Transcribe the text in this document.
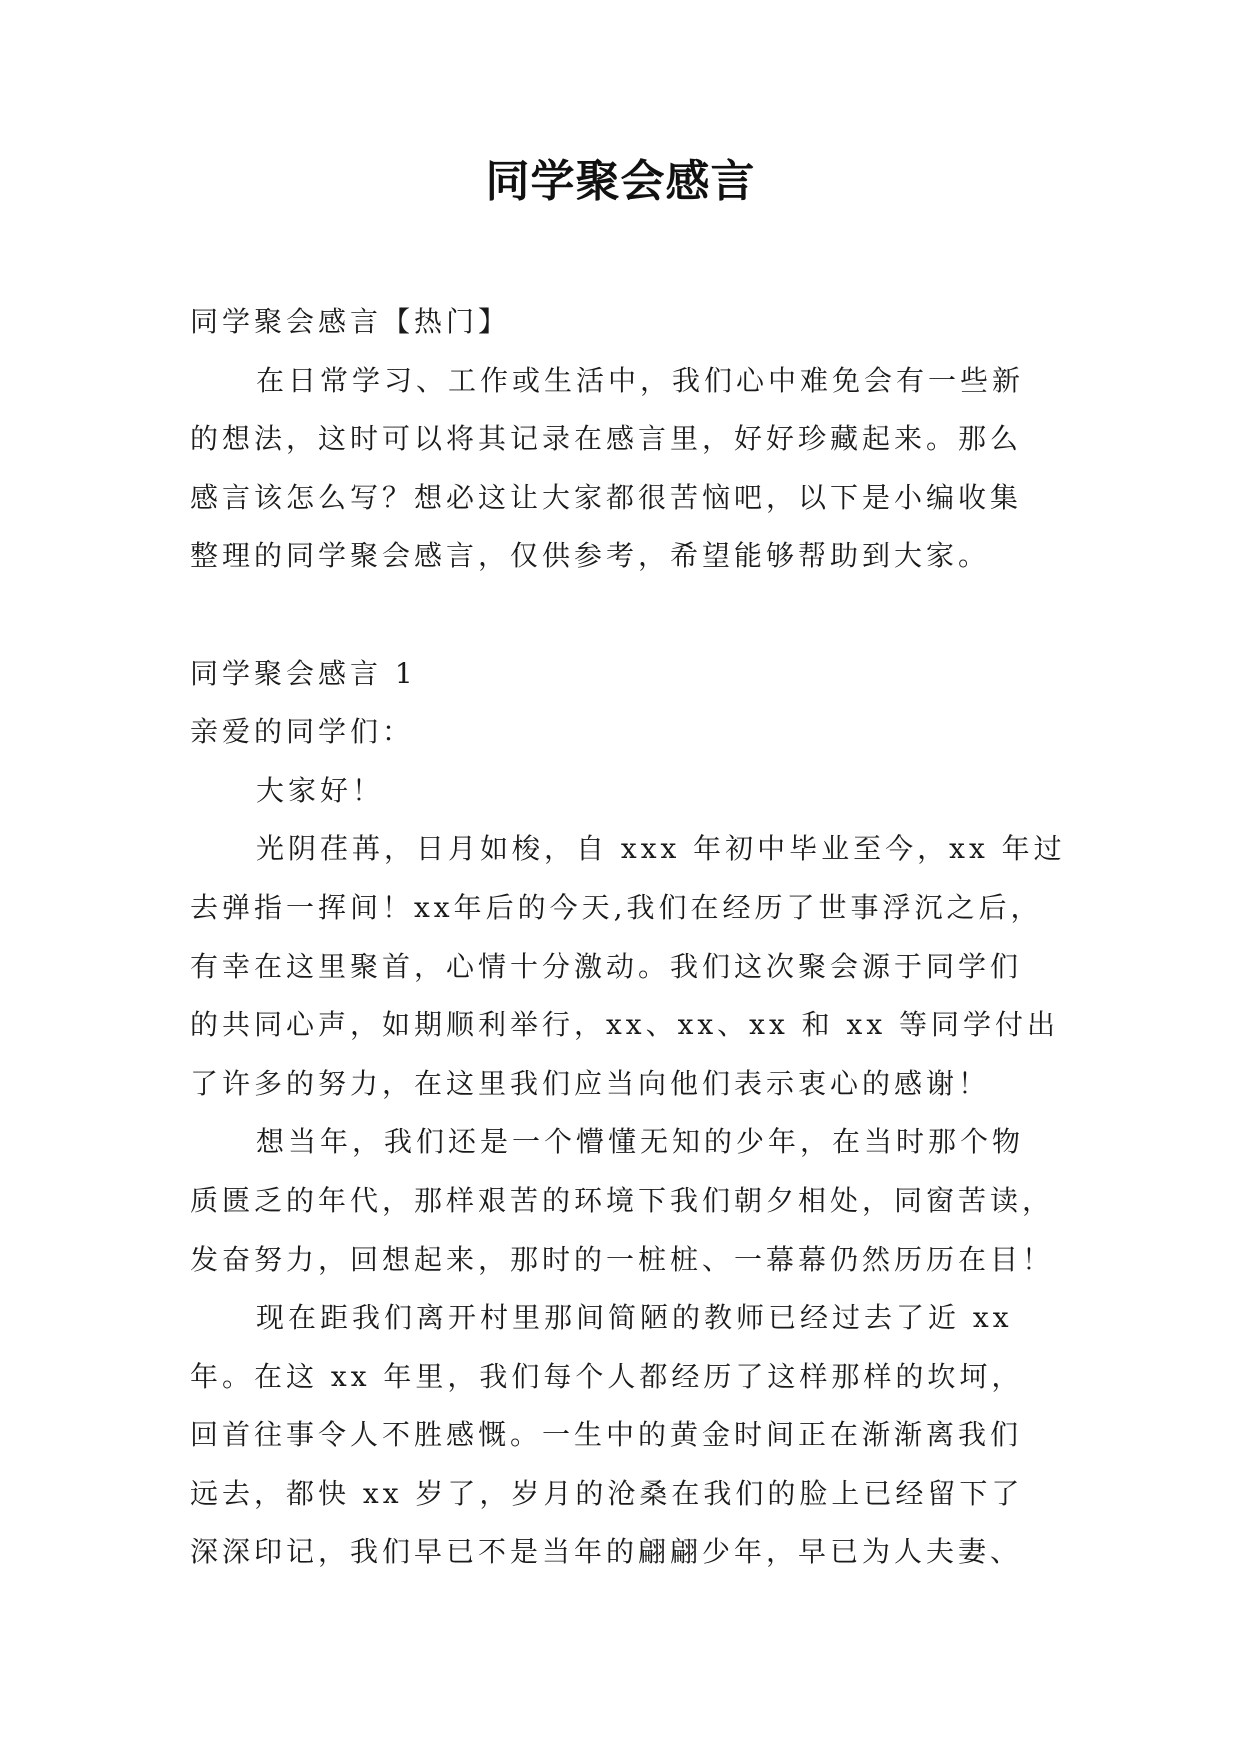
同学聚会感言
同学聚会感言【热门】
在日常学习、工作或生活中，我们心中难免会有一些新
的想法，这时可以将其记录在感言里，好好珍藏起来。那么
感言该怎么写？想必这让大家都很苦恼吧，以下是小编收集
整理的同学聚会感言，仅供参考，希望能够帮助到大家。
同学聚会感言 1
亲爱的同学们：
大家好！
光阴荏苒，日月如梭，自 xxx 年初中毕业至今，xx 年过
去弹指一挥间！xx年后的今天,我们在经历了世事浮沉之后，
有幸在这里聚首，心情十分激动。我们这次聚会源于同学们
的共同心声，如期顺利举行，xx、xx、xx 和 xx 等同学付出
了许多的努力，在这里我们应当向他们表示衷心的感谢！
想当年，我们还是一个懵懂无知的少年，在当时那个物
质匮乏的年代，那样艰苦的环境下我们朝夕相处，同窗苦读，
发奋努力，回想起来，那时的一桩桩、一幕幕仍然历历在目！
现在距我们离开村里那间简陋的教师已经过去了近 xx
年。在这 xx 年里，我们每个人都经历了这样那样的坎坷，
回首往事令人不胜感慨。一生中的黄金时间正在渐渐离我们
远去，都快 xx 岁了，岁月的沧桑在我们的脸上已经留下了
深深印记，我们早已不是当年的翩翩少年，早已为人夫妻、
